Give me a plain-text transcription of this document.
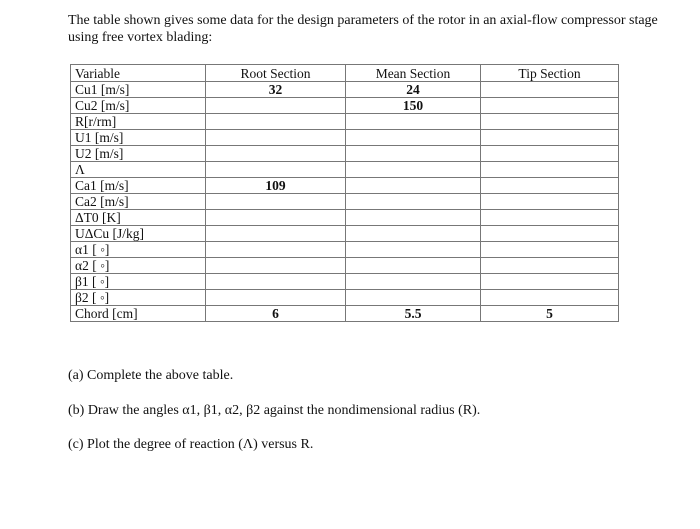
The table shown gives some data for the design parameters of the rotor in an axial-flow compressor stage using free vortex blading:
Variable	Root Section	Mean Section	Tip Section
Cu1 [m/s]	32	24	
Cu2 [m/s]		150	
R[r/rm]			
U1 [m/s]			
U2 [m/s]			
Λ			
Ca1 [m/s]	109		
Ca2 [m/s]			
ΔT0 [K]			
UΔCu [J/kg]			
α1 [ ◦]			
α2 [ ◦]			
β1 [ ◦]			
β2 [ ◦]			
Chord [cm]	6	5.5	5
(a) Complete the above table.
(b) Draw the angles α1, β1, α2, β2 against the nondimensional radius (R).
(c) Plot the degree of reaction (Λ) versus R.
